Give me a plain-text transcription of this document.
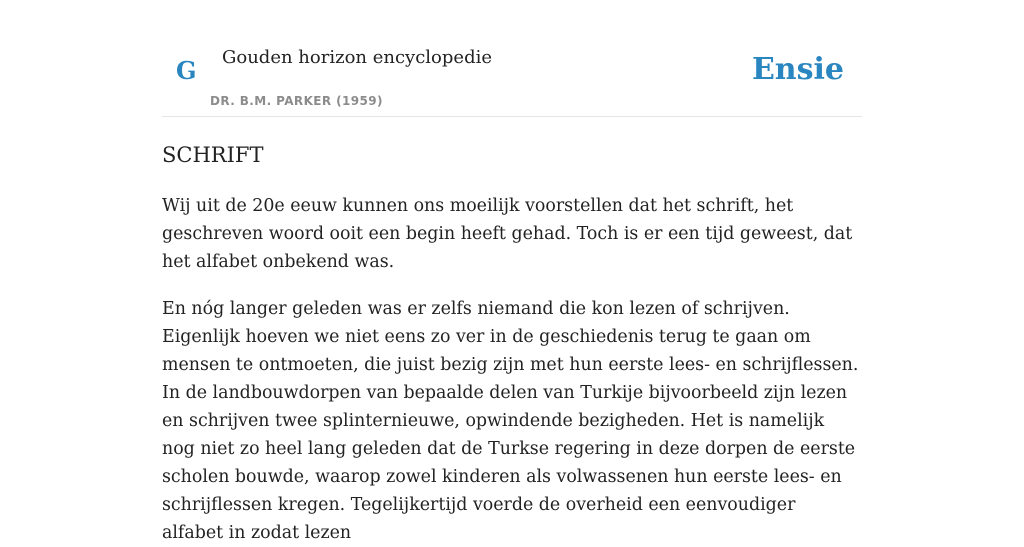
G Gouden horizon encyclopedie
DR. B.M. PARKER (1959)
Ensie
SCHRIFT

Wij uit de 20e eeuw kunnen ons moeilijk voorstellen dat het schrift, het geschreven woord ooit een begin heeft gehad. Toch is er een tijd geweest, dat het alfabet onbekend was.

En nóg langer geleden was er zelfs niemand die kon lezen of schrijven. Eigenlijk hoeven we niet eens zo ver in de geschiedenis terug te gaan om mensen te ontmoeten, die juist bezig zijn met hun eerste lees- en schrijflessen. In de landbouwdorpen van bepaalde delen van Turkije bijvoorbeeld zijn lezen en schrijven twee splinternieuwe, opwindende bezigheden. Het is namelijk nog niet zo heel lang geleden dat de Turkse regering in deze dorpen de eerste scholen bouwde, waarop zowel kinderen als volwassenen hun eerste lees- en schrijflessen kregen. Tegelijkertijd voerde de overheid een eenvoudiger alfabet in zodat lezen
